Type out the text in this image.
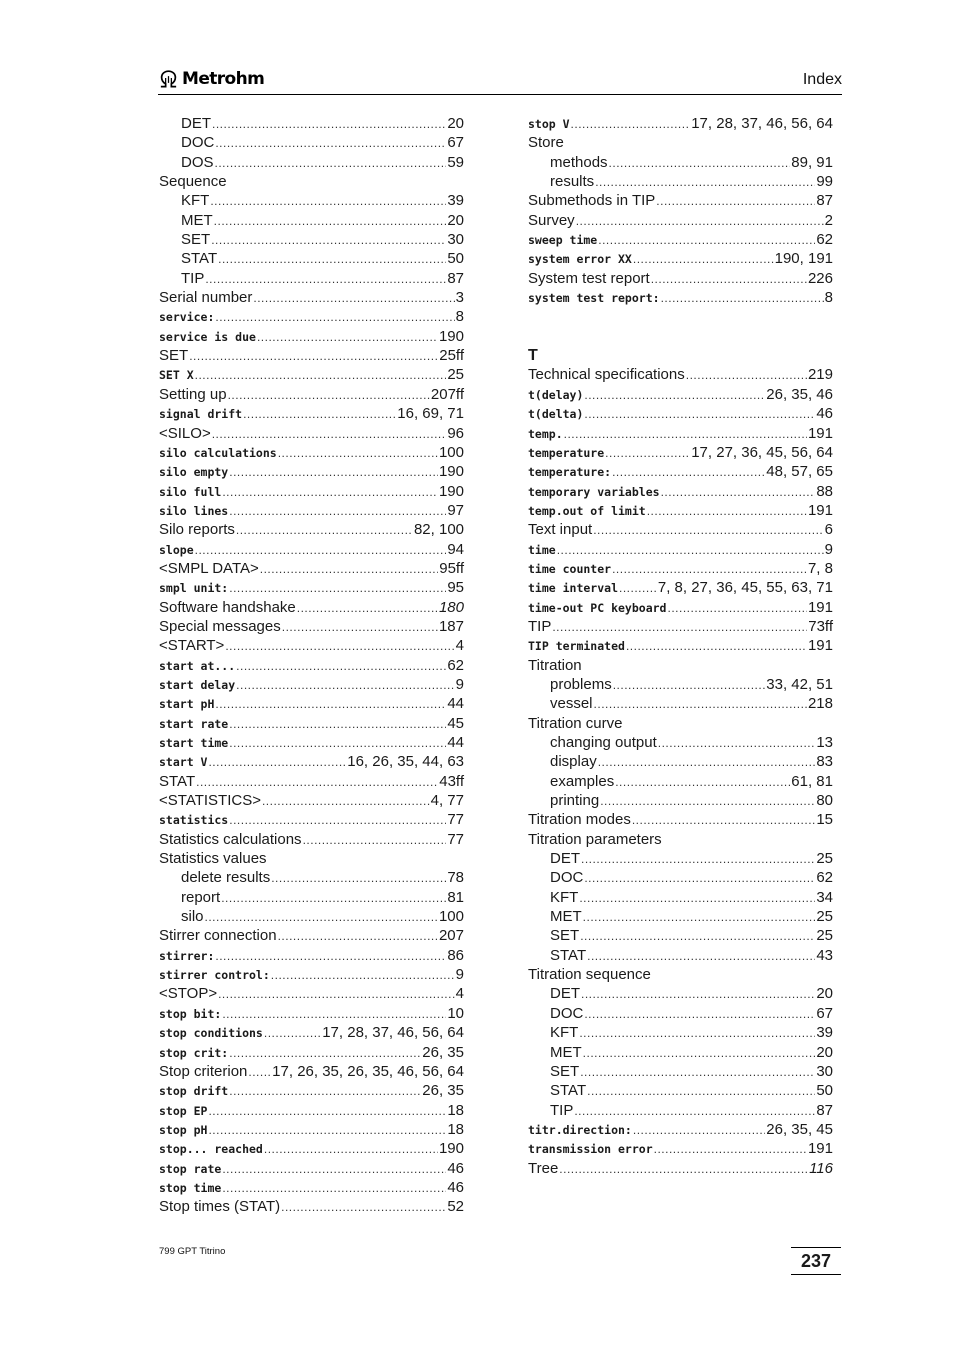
Metrohm	Index
DET .....	20
DOC .....	67
DOS .....	59
Sequence
KFT .....	39
MET .....	20
SET .....	30
STAT .....	50
TIP .....	87
Serial number .....	3
service: .....	8
service is due .....	190
SET .....	25ff
SET X .....	25
Setting up .....	207ff
signal drift .....	16, 69, 71
<SILO> .....	96
silo calculations .....	100
silo empty .....	190
silo full .....	190
silo lines .....	97
Silo reports .....	82, 100
slope .....	94
<SMPL DATA> .....	95ff
smpl unit: .....	95
Software handshake .....	180
Special messages .....	187
<START> .....	4
start at... .....	62
start delay .....	9
start pH .....	44
start rate .....	45
start time .....	44
start V .....	16, 26, 35, 44, 63
STAT .....	43ff
<STATISTICS> .....	4, 77
statistics .....	77
Statistics calculations .....	77
Statistics values
delete results .....	78
report .....	81
silo .....	100
Stirrer connection .....	207
stirrer: .....	86
stirrer control: .....	9
<STOP> .....	4
stop bit: .....	10
stop conditions .....	17, 28, 37, 46, 56, 64
stop crit: .....	26, 35
Stop criterion ..... 17, 26, 35, 26, 35, 46, 56, 64
stop drift .....	26, 35
stop EP .....	18
stop pH .....	18
stop... reached .....	190
stop rate .....	46
stop time .....	46
Stop times (STAT) .....	52
stop V .....	17, 28, 37, 46, 56, 64
Store
methods .....	89, 91
results .....	99
Submethods in TIP .....	87
Survey .....	2
sweep time .....	62
system error XX .....	190, 191
System test report .....	226
system test report: .....	8
T
Technical specifications .....	219
t(delay) .....	26, 35, 46
t(delta) .....	46
temp. .....	191
temperature .....	17, 27, 36, 45, 56, 64
temperature: .....	48, 57, 65
temporary variables .....	88
temp.out of limit .....	191
Text input .....	6
time .....	9
time counter .....	7, 8
time interval .....	7, 8, 27, 36, 45, 55, 63, 71
time-out PC keyboard .....	191
TIP .....	73ff
TIP terminated .....	191
Titration
problems .....	33, 42, 51
vessel .....	218
Titration curve
changing output .....	13
display .....	83
examples .....	61, 81
printing .....	80
Titration modes .....	15
Titration parameters
DET .....	25
DOC .....	62
KFT .....	34
MET .....	25
SET .....	25
STAT .....	43
Titration sequence
DET .....	20
DOC .....	67
KFT .....	39
MET .....	20
SET .....	30
STAT .....	50
TIP .....	87
titr.direction: .....	26, 35, 45
transmission error .....	191
Tree .....	116
799 GPT Titrino	237
